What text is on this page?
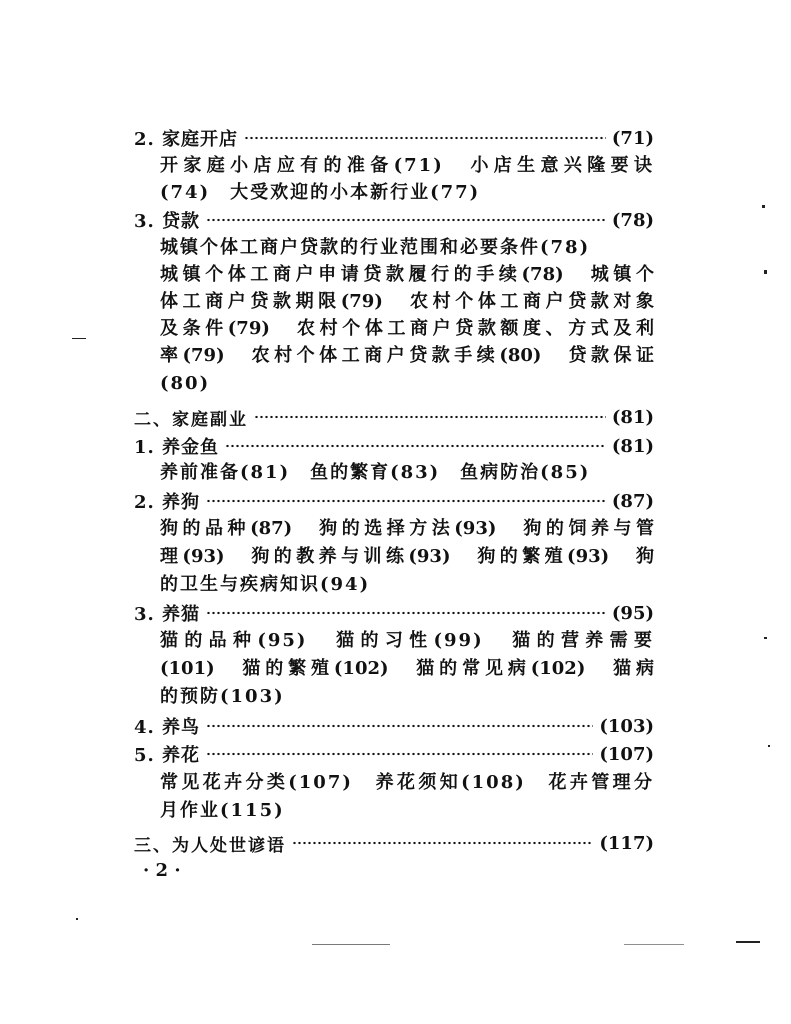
2. 家庭开店	(71)
开家庭小店应有的准备(71)　小店生意兴隆要诀
(74)　大受欢迎的小本新行业(77)
3. 贷款	(78)
城镇个体工商户贷款的行业范围和必要条件(78)
城镇个体工商户申请贷款履行的手续(78)　城镇个
体工商户贷款期限(79)　农村个体工商户贷款对象
及条件(79)　农村个体工商户贷款额度、方式及利
率(79)　农村个体工商户贷款手续(80)　贷款保证
(80)
二、家庭副业	(81)
1. 养金鱼	(81)
养前准备(81)　鱼的繁育(83)　鱼病防治(85)
2. 养狗	(87)
狗的品种(87)　狗的选择方法(93)　狗的饲养与管
理(93)　狗的教养与训练(93)　狗的繁殖(93)　狗
的卫生与疾病知识(94)
3. 养猫	(95)
猫的品种(95)　猫的习性(99)　猫的营养需要
(101)　猫的繁殖(102)　猫的常见病(102)　猫病
的预防(103)
4. 养鸟	(103)
5. 养花	(107)
常见花卉分类(107)　养花须知(108)　花卉管理分
月作业(115)
三、为人处世谚语	(117)
· 2 ·
